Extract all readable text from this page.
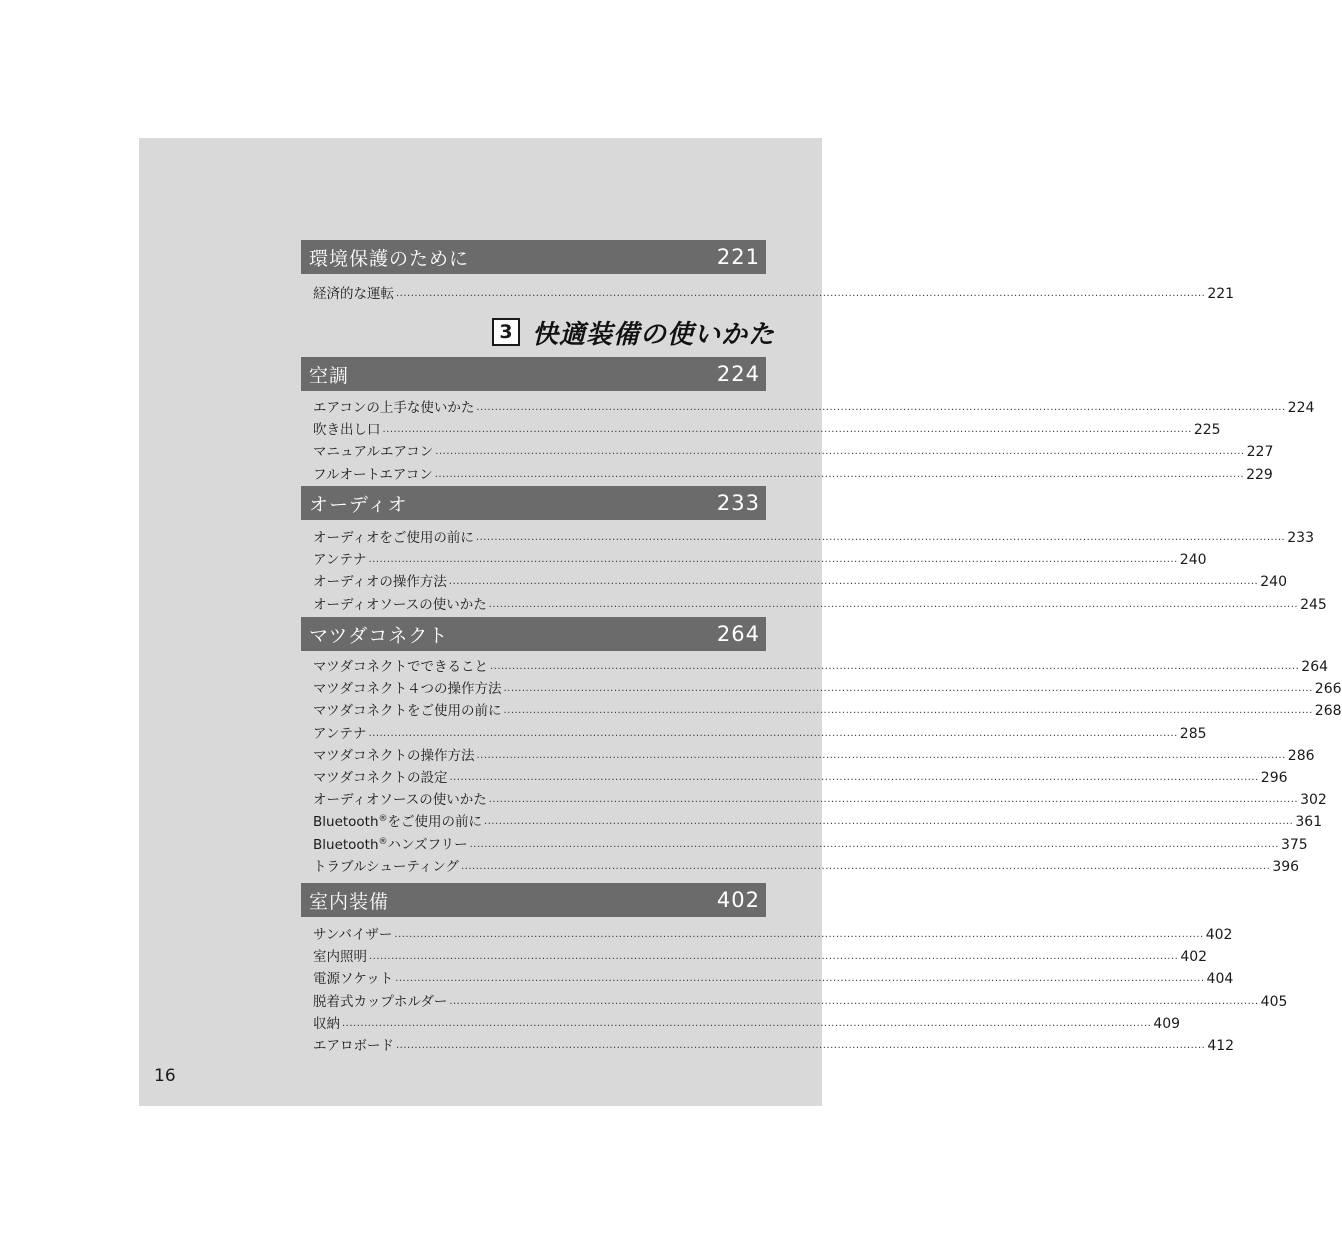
3 快適装備の使いかた
環境保護のために	221
経済的な運転 ............................................................................................................................................................................................................................ 221
空調	224
エアコンの上手な使いかた ............................................................................................................................................................................................................................ 224
吹き出し口 ............................................................................................................................................................................................................................ 225
マニュアルエアコン ............................................................................................................................................................................................................................ 227
フルオートエアコン ............................................................................................................................................................................................................................ 229
オーディオ	233
オーディオをご使用の前に ............................................................................................................................................................................................................................ 233
アンテナ ............................................................................................................................................................................................................................ 240
オーディオの操作方法 ............................................................................................................................................................................................................................ 240
オーディオソースの使いかた ............................................................................................................................................................................................................................ 245
マツダコネクト	264
マツダコネクトでできること ............................................................................................................................................................................................................................ 264
マツダコネクト４つの操作方法 ............................................................................................................................................................................................................................ 266
マツダコネクトをご使用の前に ............................................................................................................................................................................................................................ 268
アンテナ ............................................................................................................................................................................................................................ 285
マツダコネクトの操作方法 ............................................................................................................................................................................................................................ 286
マツダコネクトの設定 ............................................................................................................................................................................................................................ 296
オーディオソースの使いかた ............................................................................................................................................................................................................................ 302
Bluetooth®をご使用の前に ............................................................................................................................................................................................................................ 361
Bluetooth®ハンズフリー ............................................................................................................................................................................................................................ 375
トラブルシューティング ............................................................................................................................................................................................................................ 396
室内装備	402
サンバイザー ............................................................................................................................................................................................................................ 402
室内照明 ............................................................................................................................................................................................................................ 402
電源ソケット ............................................................................................................................................................................................................................ 404
脱着式カップホルダー ............................................................................................................................................................................................................................ 405
収納 ............................................................................................................................................................................................................................ 409
エアロボード ............................................................................................................................................................................................................................ 412
16
